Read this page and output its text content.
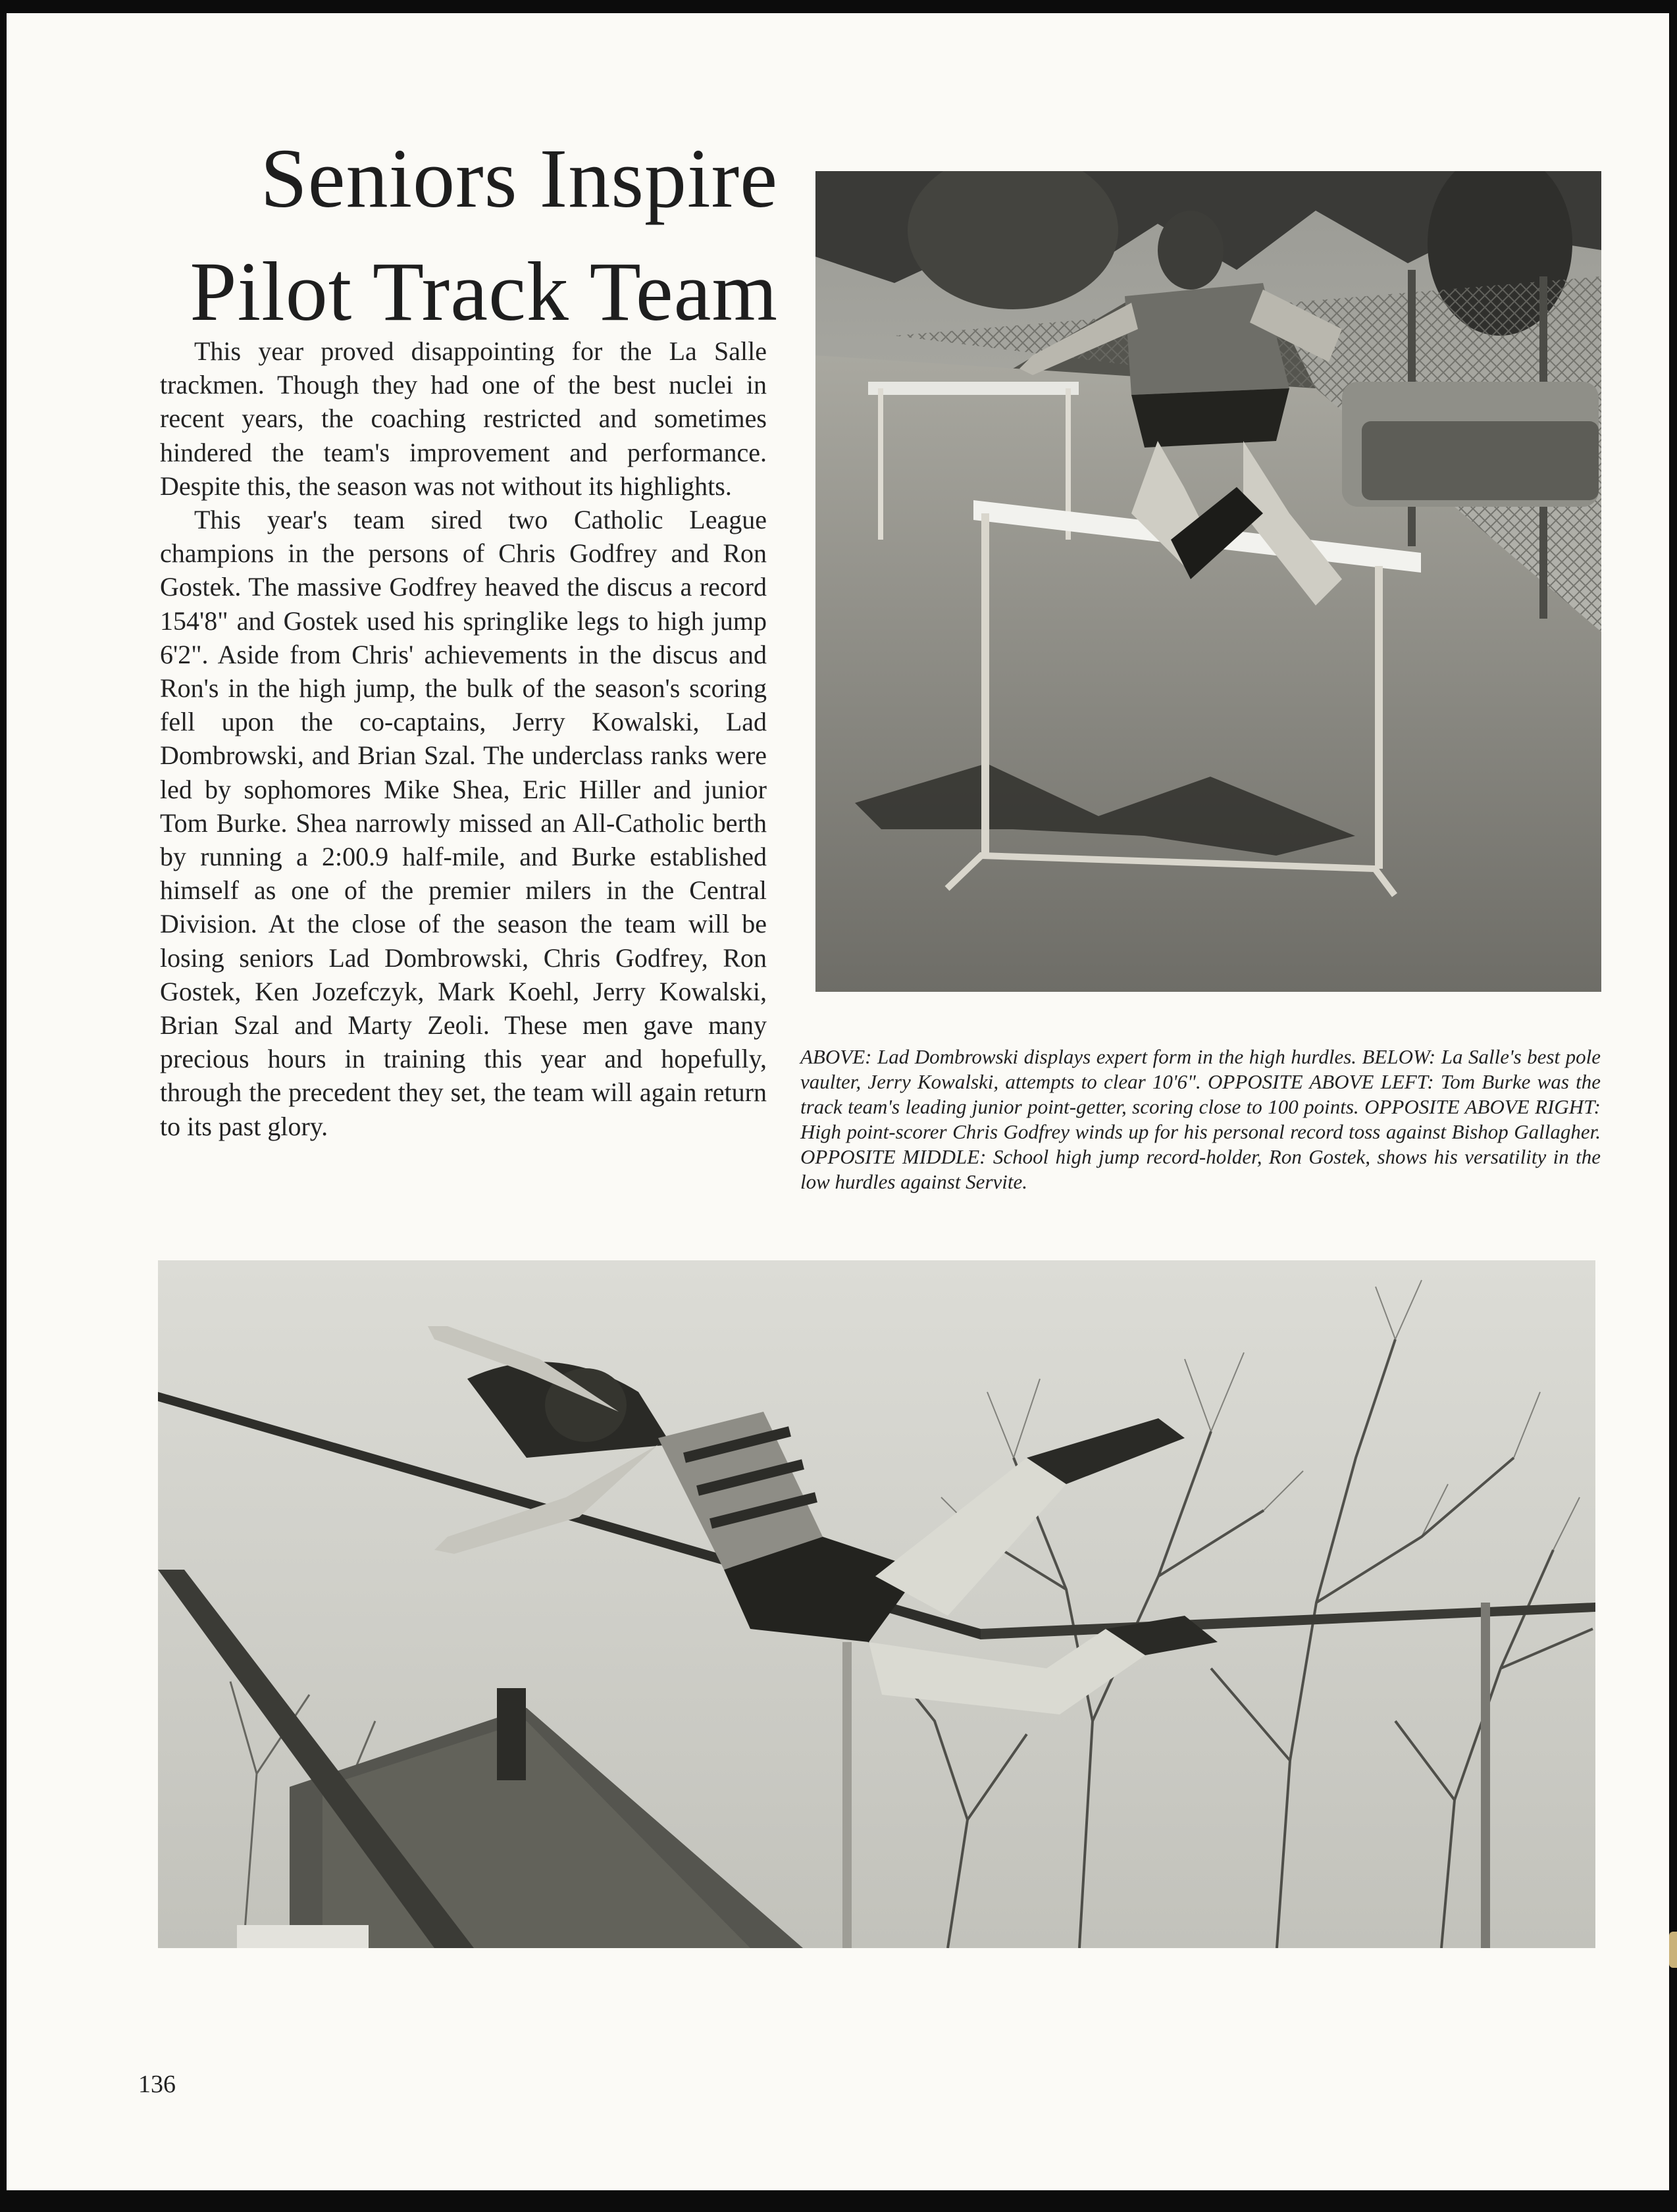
Seniors Inspire
Pilot Track Team

This year proved disappointing for the La Salle trackmen. Though they had one of the best nuclei in recent years, the coaching restricted and sometimes hindered the team's improvement and performance. Despite this, the season was not without its highlights.

This year's team sired two Catholic League champions in the persons of Chris Godfrey and Ron Gostek. The massive Godfrey heaved the discus a record 154'8" and Gostek used his springlike legs to high jump 6'2". Aside from Chris' achievements in the discus and Ron's in the high jump, the bulk of the season's scoring fell upon the co-captains, Jerry Kowalski, Lad Dombrowski, and Brian Szal. The underclass ranks were led by sophomores Mike Shea, Eric Hiller and junior Tom Burke. Shea narrowly missed an All-Catholic berth by running a 2:00.9 half-mile, and Burke established himself as one of the premier milers in the Central Division. At the close of the season the team will be losing seniors Lad Dombrowski, Chris Godfrey, Ron Gostek, Ken Jozefczyk, Mark Koehl, Jerry Kowalski, Brian Szal and Marty Zeoli. These men gave many precious hours in training this year and hopefully, through the precedent they set, the team will again return to its past glory.

ABOVE: Lad Dombrowski displays expert form in the high hurdles. BELOW: La Salle's best pole vaulter, Jerry Kowalski, attempts to clear 10'6". OPPOSITE ABOVE LEFT: Tom Burke was the track team's leading junior point-getter, scoring close to 100 points. OPPOSITE ABOVE RIGHT: High point-scorer Chris Godfrey winds up for his personal record toss against Bishop Gallagher. OPPOSITE MIDDLE: School high jump record-holder, Ron Gostek, shows his versatility in the low hurdles against Servite.

136
